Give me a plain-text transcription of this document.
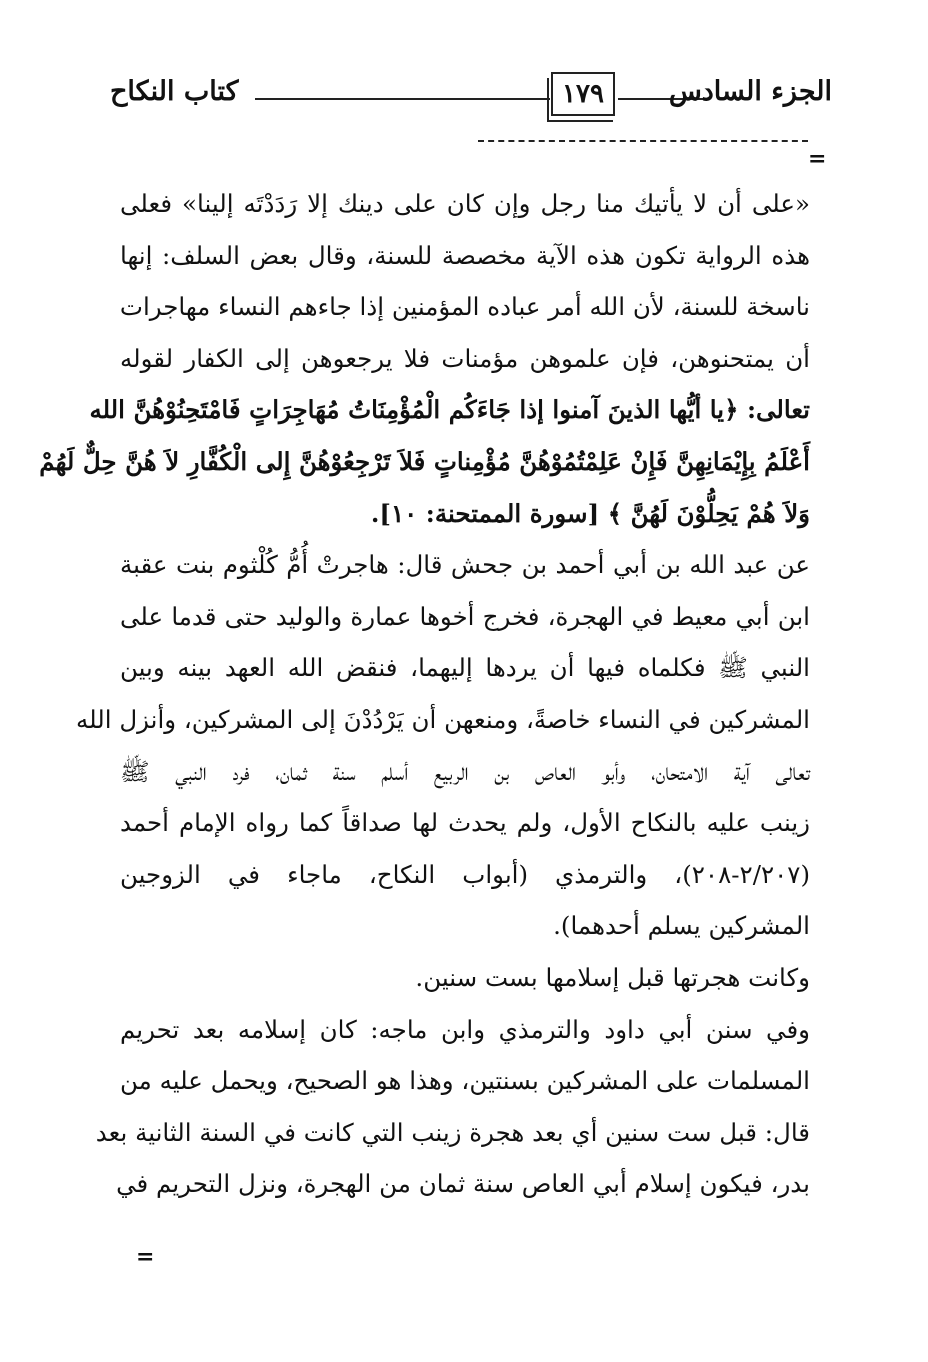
كتاب النكاح	١٧٩	الجزء السادس
=
«على أن لا يأتيك منا رجل وإن كان على دينك إلا رَدَدْتَه إلينا» فعلى
هذه الرواية تكون هذه الآية مخصصة للسنة، وقال بعض السلف: إنها
ناسخة للسنة، لأن الله أمر عباده المؤمنين إذا جاءهم النساء مهاجرات
أن يمتحنوهن، فإن علموهن مؤمنات فلا يرجعوهن إلى الكفار لقوله
تعالى: ﴿يا أيُّها الذينَ آمنوا إذا جَاءَكُم الْمُؤْمِنَاتُ مُهَاجِرَاتٍ فَامْتَحِنُوْهُنَّ الله
أَعْلَمُ بِإِيْمَانِهِنَّ فَإِنْ عَلِمْتُمُوْهُنَّ مُؤْمِناتٍ فَلاَ تَرْجِعُوْهُنَّ إِلى الْكُفَّارِ لاَ هُنَّ حِلٌّ لَهُمْ
وَلاَ هُمْ يَحِلُّوْنَ لَهُنَّ ﴾ [سورة الممتحنة: ١٠].
عن عبد الله بن أبي أحمد بن جحش قال: هاجرتْ أُمُّ كُلْثوم بنت عقبة
ابن أبي معيط في الهجرة، فخرج أخوها عمارة والوليد حتى قدما على
النبي ﷺ فكلماه فيها أن يردها إليهما، فنقض الله العهد بينه وبين
المشركين في النساء خاصةً، ومنعهن أن يَرْدُدْنَ إلى المشركين، وأنزل الله
تعالى آية الامتحان، وأبو العاص بن الربيع أسلم سنة ثمان، فرد النبي ﷺ
زينب عليه بالنكاح الأول، ولم يحدث لها صداقاً كما رواه الإمام أحمد
(٢/٢٠٧-٢٠٨)، والترمذي (أبواب النكاح، ماجاء في الزوجين
المشركين يسلم أحدهما).
وكانت هجرتها قبل إسلامها بست سنين.
وفي سنن أبي داود والترمذي وابن ماجه: كان إسلامه بعد تحريم
المسلمات على المشركين بسنتين، وهذا هو الصحيح، ويحمل عليه من
قال: قبل ست سنين أي بعد هجرة زينب التي كانت في السنة الثانية بعد
بدر، فيكون إسلام أبي العاص سنة ثمان من الهجرة، ونزل التحريم في
=
